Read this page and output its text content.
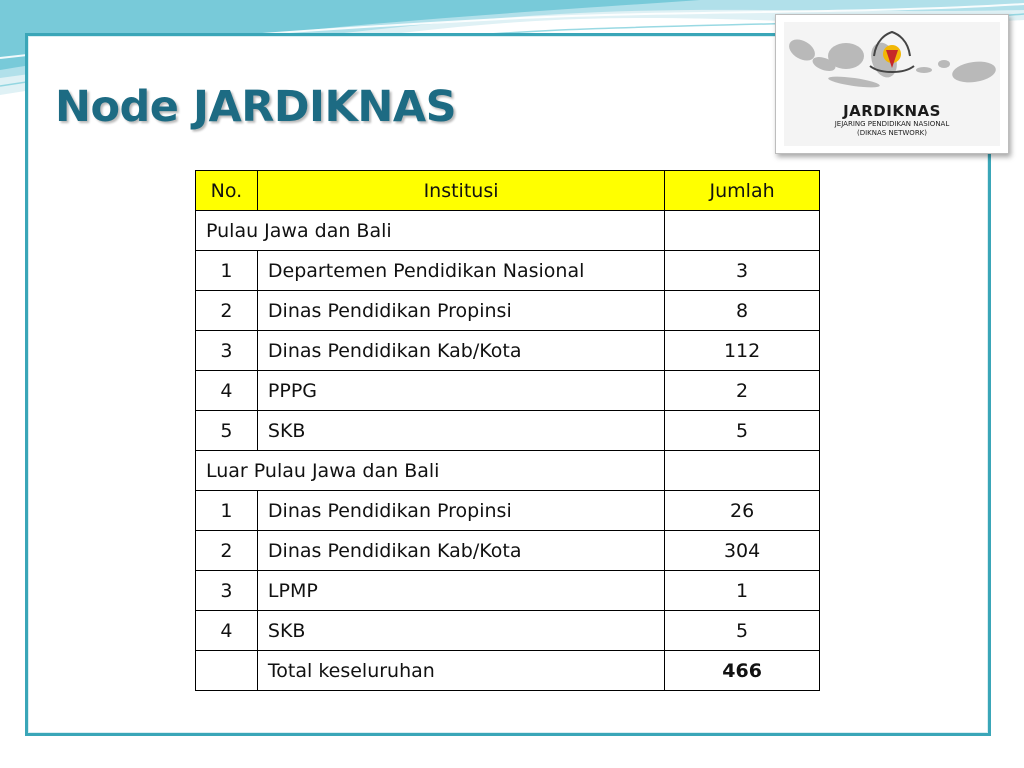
Node JARDIKNAS	JARDIKNAS
JEJARING PENDIDIKAN NASIONAL
(DIKNAS NETWORK)
No.	Institusi	Jumlah
Pulau Jawa dan Bali		
1	Departemen Pendidikan Nasional	3
2	Dinas Pendidikan Propinsi	8
3	Dinas Pendidikan Kab/Kota	112
4	PPPG	2
5	SKB	5
Luar Pulau Jawa dan Bali		
1	Dinas Pendidikan Propinsi	26
2	Dinas Pendidikan Kab/Kota	304
3	LPMP	1
4	SKB	5
	Total keseluruhan	466
